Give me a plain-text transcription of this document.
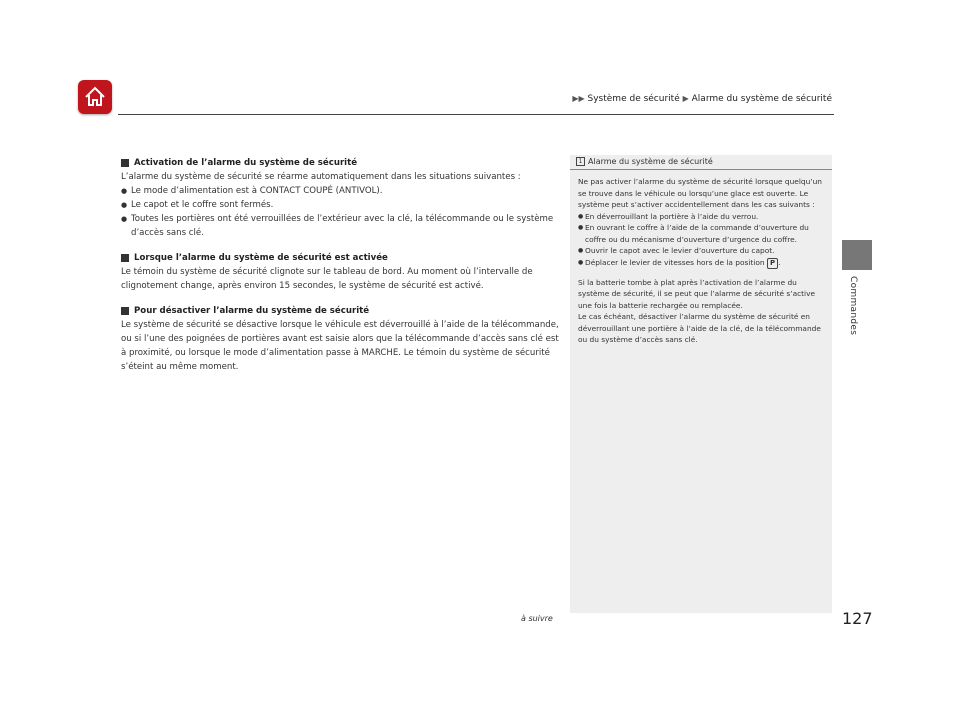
▶▶ Système de sécurité ▶ Alarme du système de sécurité
Commandes
Activation de l’alarme du système de sécurité

L’alarme du système de sécurité se réarme automatiquement dans les situations suivantes :

● Le mode d’alimentation est à CONTACT COUPÉ (ANTIVOL).
● Le capot et le coffre sont fermés.
● Toutes les portières ont été verrouillées de l’extérieur avec la clé, la télécommande ou le système d’accès sans clé.
Lorsque l’alarme du système de sécurité est activée

Le témoin du système de sécurité clignote sur le tableau de bord. Au moment où l’intervalle de clignotement change, après environ 15 secondes, le système de sécurité est activé.

Pour désactiver l’alarme du système de sécurité

Le système de sécurité se désactive lorsque le véhicule est déverrouillé à l’aide de la télécommande, ou si l’une des poignées de portières avant est saisie alors que la télécommande d’accès sans clé est à proximité, ou lorsque le mode d’alimentation passe à MARCHE. Le témoin du système de sécurité s’éteint au même moment.

1 Alarme du système de sécurité

Ne pas activer l’alarme du système de sécurité lorsque quelqu’un se trouve dans le véhicule ou lorsqu’une glace est ouverte. Le système peut s’activer accidentellement dans les cas suivants :

● En déverrouillant la portière à l’aide du verrou.
● En ouvrant le coffre à l’aide de la commande d’ouverture du coffre ou du mécanisme d’ouverture d’urgence du coffre.
● Ouvrir le capot avec le levier d’ouverture du capot.
● Déplacer le levier de vitesses hors de la position P .

Si la batterie tombe à plat après l’activation de l’alarme du système de sécurité, il se peut que l’alarme de sécurité s’active une fois la batterie rechargée ou remplacée.

Le cas échéant, désactiver l’alarme du système de sécurité en déverrouillant une portière à l’aide de la clé, de la télécommande ou du système d’accès sans clé.

à suivre	127
